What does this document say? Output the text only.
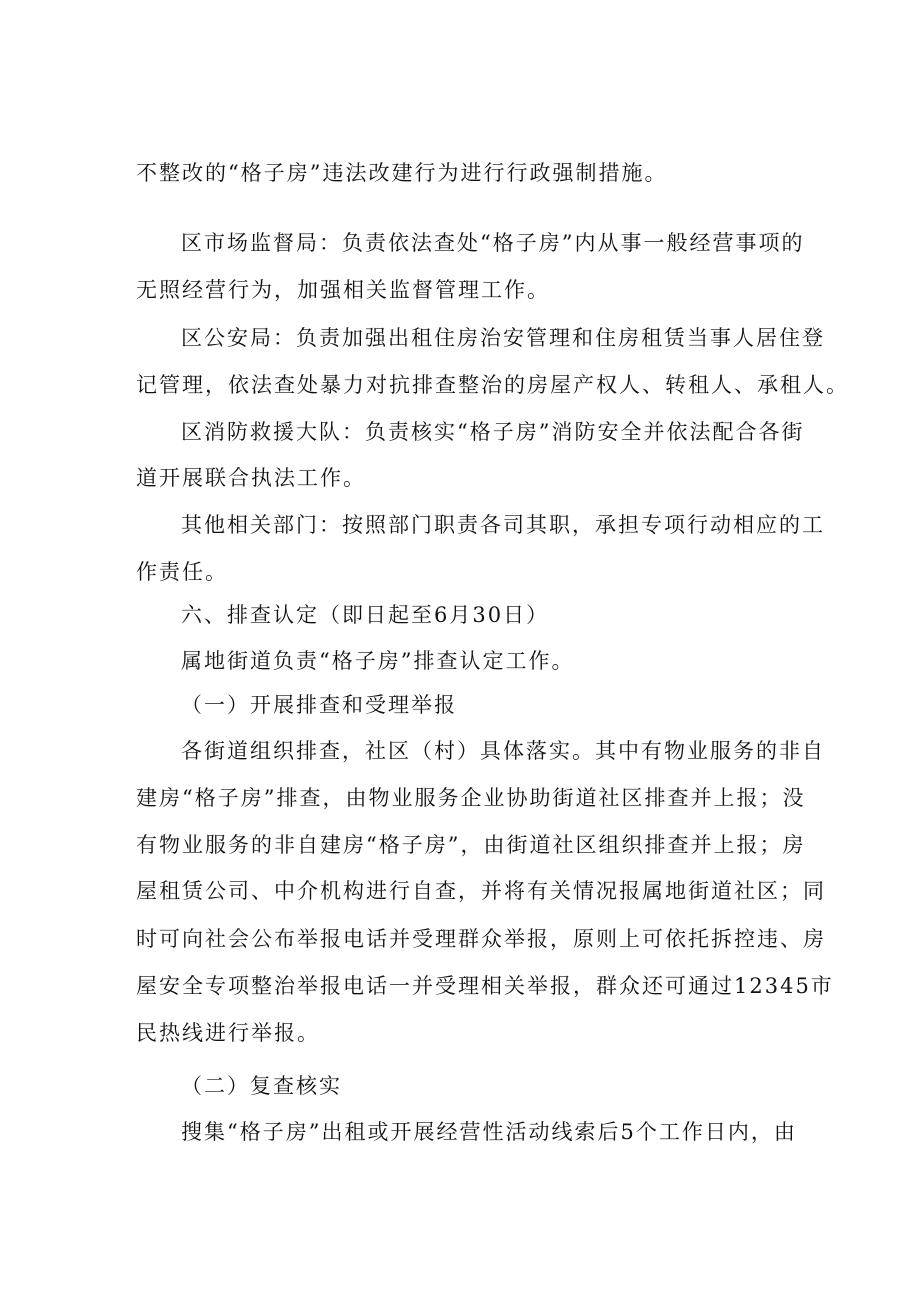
不整改的“格子房”违法改建行为进行行政强制措施。
区市场监督局：负责依法查处“格子房”内从事一般经营事项的
无照经营行为，加强相关监督管理工作。
区公安局：负责加强出租住房治安管理和住房租赁当事人居住登
记管理，依法查处暴力对抗排查整治的房屋产权人、转租人、承租人。
区消防救援大队：负责核实“格子房”消防安全并依法配合各街
道开展联合执法工作。
其他相关部门：按照部门职责各司其职，承担专项行动相应的工
作责任。
六、排查认定（即日起至6月30日）
属地街道负责“格子房”排查认定工作。
（一）开展排查和受理举报
各街道组织排查，社区（村）具体落实。其中有物业服务的非自
建房“格子房”排查，由物业服务企业协助街道社区排查并上报；没
有物业服务的非自建房“格子房”，由街道社区组织排查并上报；房
屋租赁公司、中介机构进行自查，并将有关情况报属地街道社区；同
时可向社会公布举报电话并受理群众举报，原则上可依托拆控违、房
屋安全专项整治举报电话一并受理相关举报，群众还可通过12345市
民热线进行举报。
（二）复查核实
搜集“格子房”出租或开展经营性活动线索后5个工作日内，由
